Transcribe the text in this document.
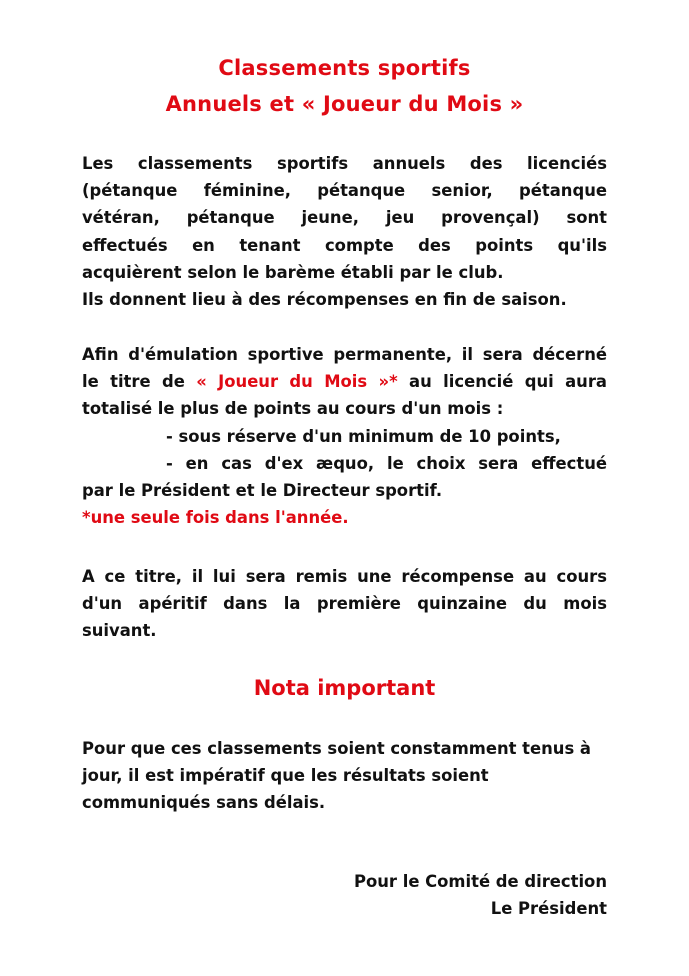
Classements sportifs
Annuels et « Joueur du Mois »
Les classements sportifs annuels des licenciés
(pétanque féminine, pétanque senior, pétanque
vétéran, pétanque jeune, jeu provençal) sont
effectués en tenant compte des points qu'ils
acquièrent selon le barème établi par le club.
Ils donnent lieu à des récompenses en fin de saison.
Afin d'émulation sportive permanente, il sera décerné
le titre de « Joueur du Mois »* au licencié qui aura
totalisé le plus de points au cours d'un mois :
- sous réserve d'un minimum de 10 points,
- en cas d'ex æquo, le choix sera effectué
par le Président et le Directeur sportif.
*une seule fois dans l'année.
A ce titre, il lui sera remis une récompense au cours
d'un apéritif dans la première quinzaine du mois
suivant.
Nota important
Pour que ces classements soient constamment tenus à
jour, il est impératif que les résultats soient
communiqués sans délais.
Pour le Comité de direction
Le Président
